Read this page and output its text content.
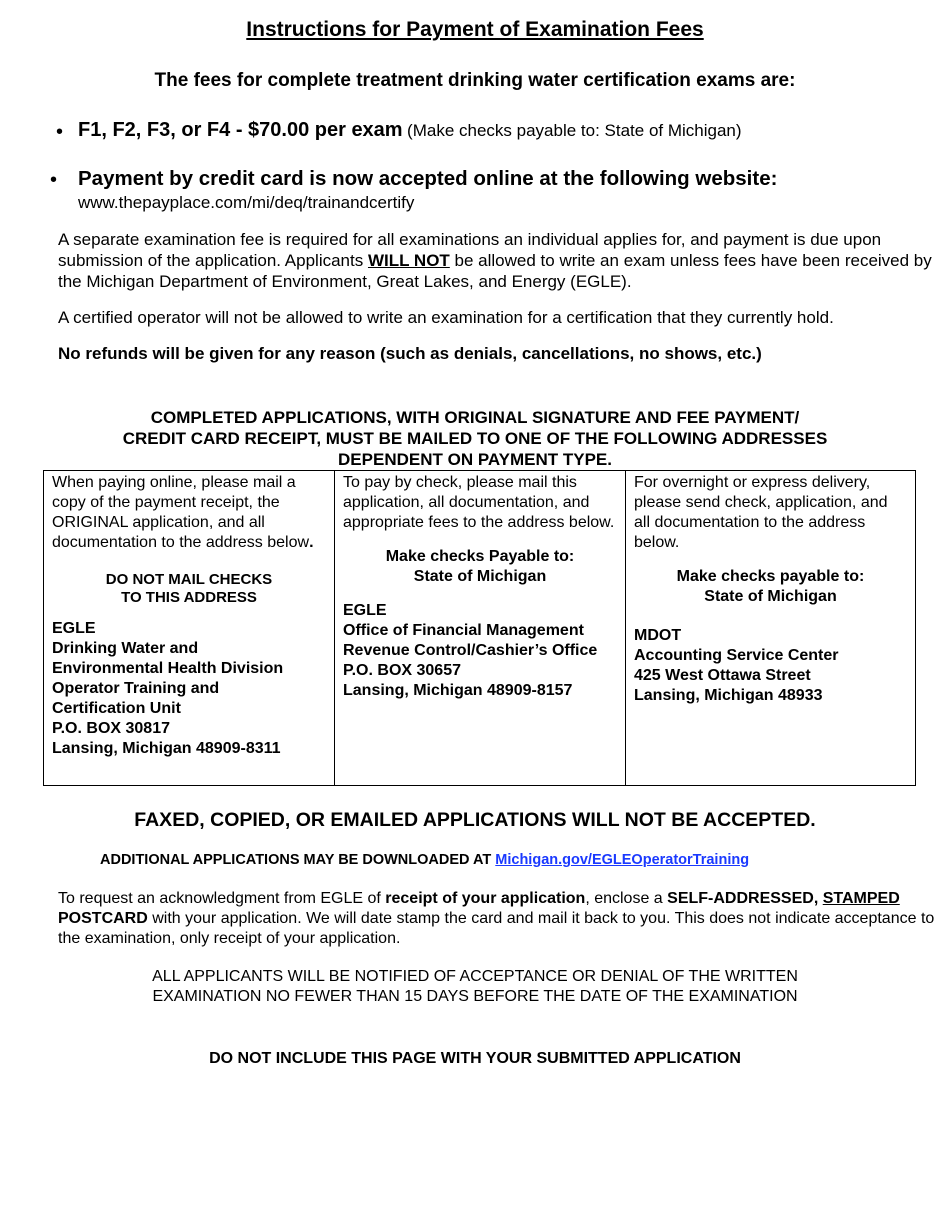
Instructions for Payment of Examination Fees
The fees for complete treatment drinking water certification exams are:
• F1, F2, F3, or F4 - $70.00 per exam (Make checks payable to: State of Michigan)
• Payment by credit card is now accepted online at the following website:
www.thepayplace.com/mi/deq/trainandcertify
A separate examination fee is required for all examinations an individual applies for, and payment is due upon submission of the application. Applicants WILL NOT be allowed to write an exam unless fees have been received by the Michigan Department of Environment, Great Lakes, and Energy (EGLE).
A certified operator will not be allowed to write an examination for a certification that they currently hold.
No refunds will be given for any reason (such as denials, cancellations, no shows, etc.)
COMPLETED APPLICATIONS, WITH ORIGINAL SIGNATURE AND FEE PAYMENT/
CREDIT CARD RECEIPT, MUST BE MAILED TO ONE OF THE FOLLOWING ADDRESSES
DEPENDENT ON PAYMENT TYPE.
When paying online, please mail a copy of the payment receipt, the ORIGINAL application, and all documentation to the address below.
DO NOT MAIL CHECKS
TO THIS ADDRESS
EGLE
Drinking Water and
Environmental Health Division
Operator Training and
Certification Unit
P.O. BOX 30817
Lansing, Michigan 48909-8311
To pay by check, please mail this application, all documentation, and appropriate fees to the address below.
Make checks Payable to:
State of Michigan
EGLE
Office of Financial Management
Revenue Control/Cashier’s Office
P.O. BOX 30657
Lansing, Michigan 48909-8157
For overnight or express delivery, please send check, application, and all documentation to the address below.
Make checks payable to:
State of Michigan
MDOT
Accounting Service Center
425 West Ottawa Street
Lansing, Michigan 48933
FAXED, COPIED, OR EMAILED APPLICATIONS WILL NOT BE ACCEPTED.
ADDITIONAL APPLICATIONS MAY BE DOWNLOADED AT Michigan.gov/EGLEOperatorTraining
To request an acknowledgment from EGLE of receipt of your application, enclose a SELF-ADDRESSED, STAMPED POSTCARD with your application. We will date stamp the card and mail it back to you. This does not indicate acceptance to the examination, only receipt of your application.
ALL APPLICANTS WILL BE NOTIFIED OF ACCEPTANCE OR DENIAL OF THE WRITTEN
EXAMINATION NO FEWER THAN 15 DAYS BEFORE THE DATE OF THE EXAMINATION
DO NOT INCLUDE THIS PAGE WITH YOUR SUBMITTED APPLICATION
